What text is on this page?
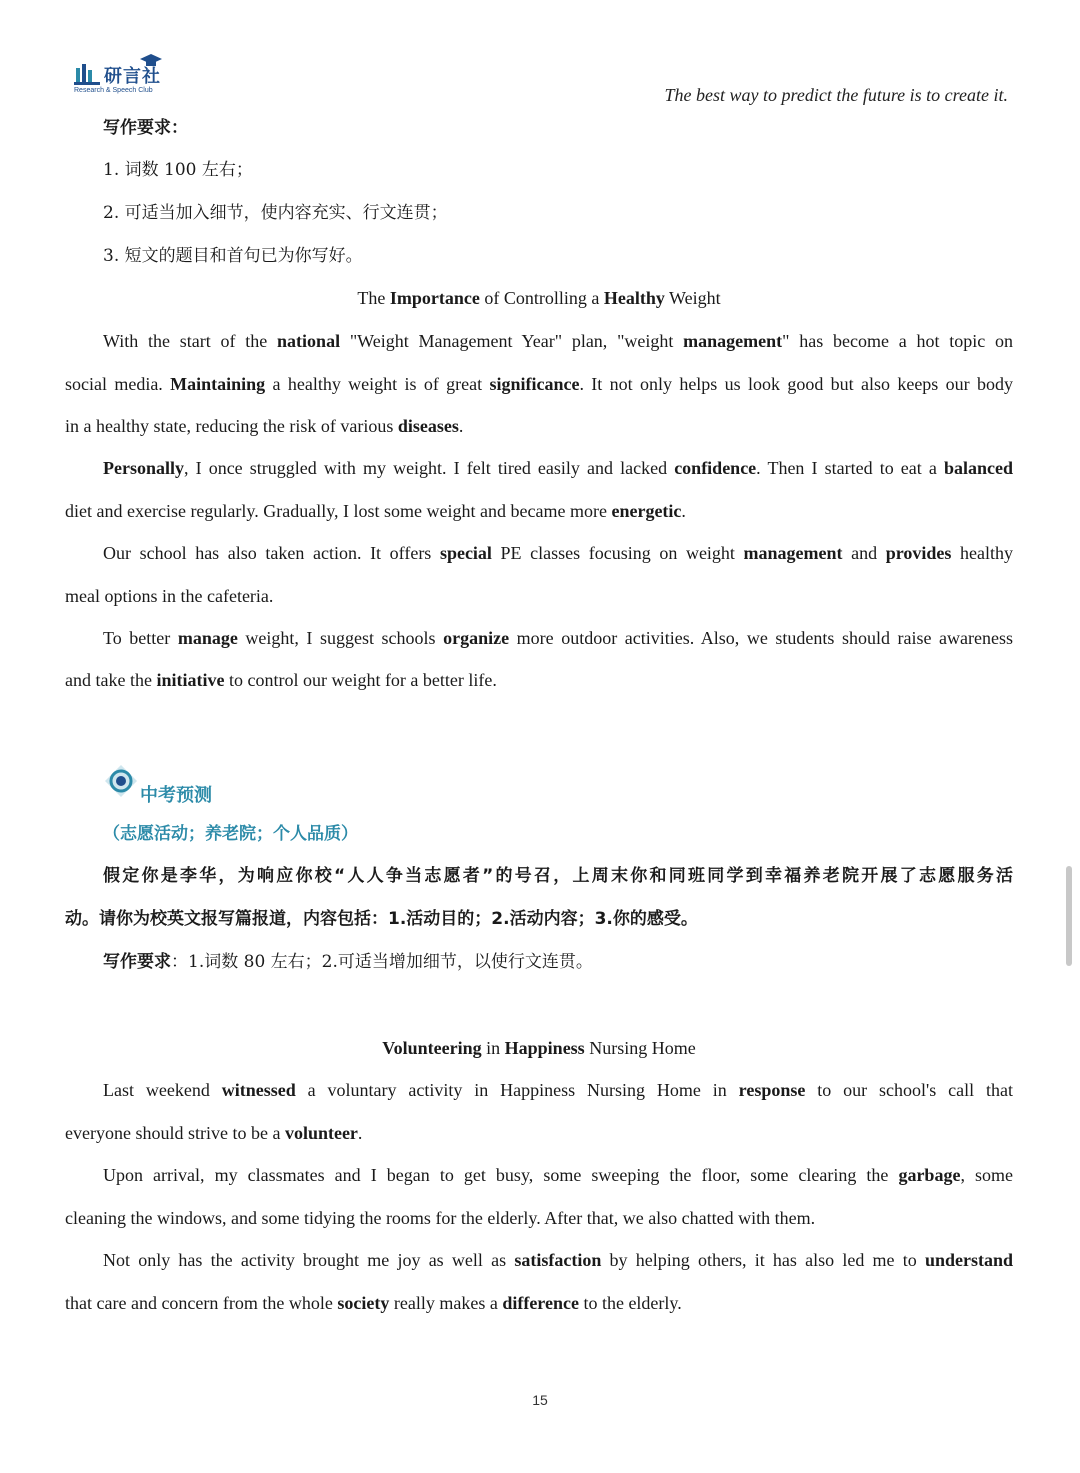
研言社
Research & Speech Club	The best way to predict the future is to create it.
写作要求：
1. 词数 100 左右；
2. 可适当加入细节，使内容充实、行文连贯；
3. 短文的题目和首句已为你写好。
The Importance of Controlling a Healthy Weight
With the start of the national "Weight Management Year" plan, "weight management" has become a hot topic on
social media. Maintaining a healthy weight is of great significance. It not only helps us look good but also keeps our body
in a healthy state, reducing the risk of various diseases.
Personally, I once struggled with my weight. I felt tired easily and lacked confidence. Then I started to eat a balanced
diet and exercise regularly. Gradually, I lost some weight and became more energetic.
Our school has also taken action. It offers special PE classes focusing on weight management and provides healthy
meal options in the cafeteria.
To better manage weight, I suggest schools organize more outdoor activities. Also, we students should raise awareness
and take the initiative to control our weight for a better life.
中考预测
（志愿活动；养老院；个人品质）
假定你是李华，为响应你校“人人争当志愿者”的号召，上周末你和同班同学到幸福养老院开展了志愿服务活
动。请你为校英文报写篇报道，内容包括：1.活动目的；2.活动内容；3.你的感受。
写作要求：1.词数 80 左右；2.可适当增加细节，以使行文连贯。
Volunteering in Happiness Nursing Home
Last weekend witnessed a voluntary activity in Happiness Nursing Home in response to our school's call that
everyone should strive to be a volunteer.
Upon arrival, my classmates and I began to get busy, some sweeping the floor, some clearing the garbage, some
cleaning the windows, and some tidying the rooms for the elderly. After that, we also chatted with them.
Not only has the activity brought me joy as well as satisfaction by helping others, it has also led me to understand
that care and concern from the whole society really makes a difference to the elderly.
15
